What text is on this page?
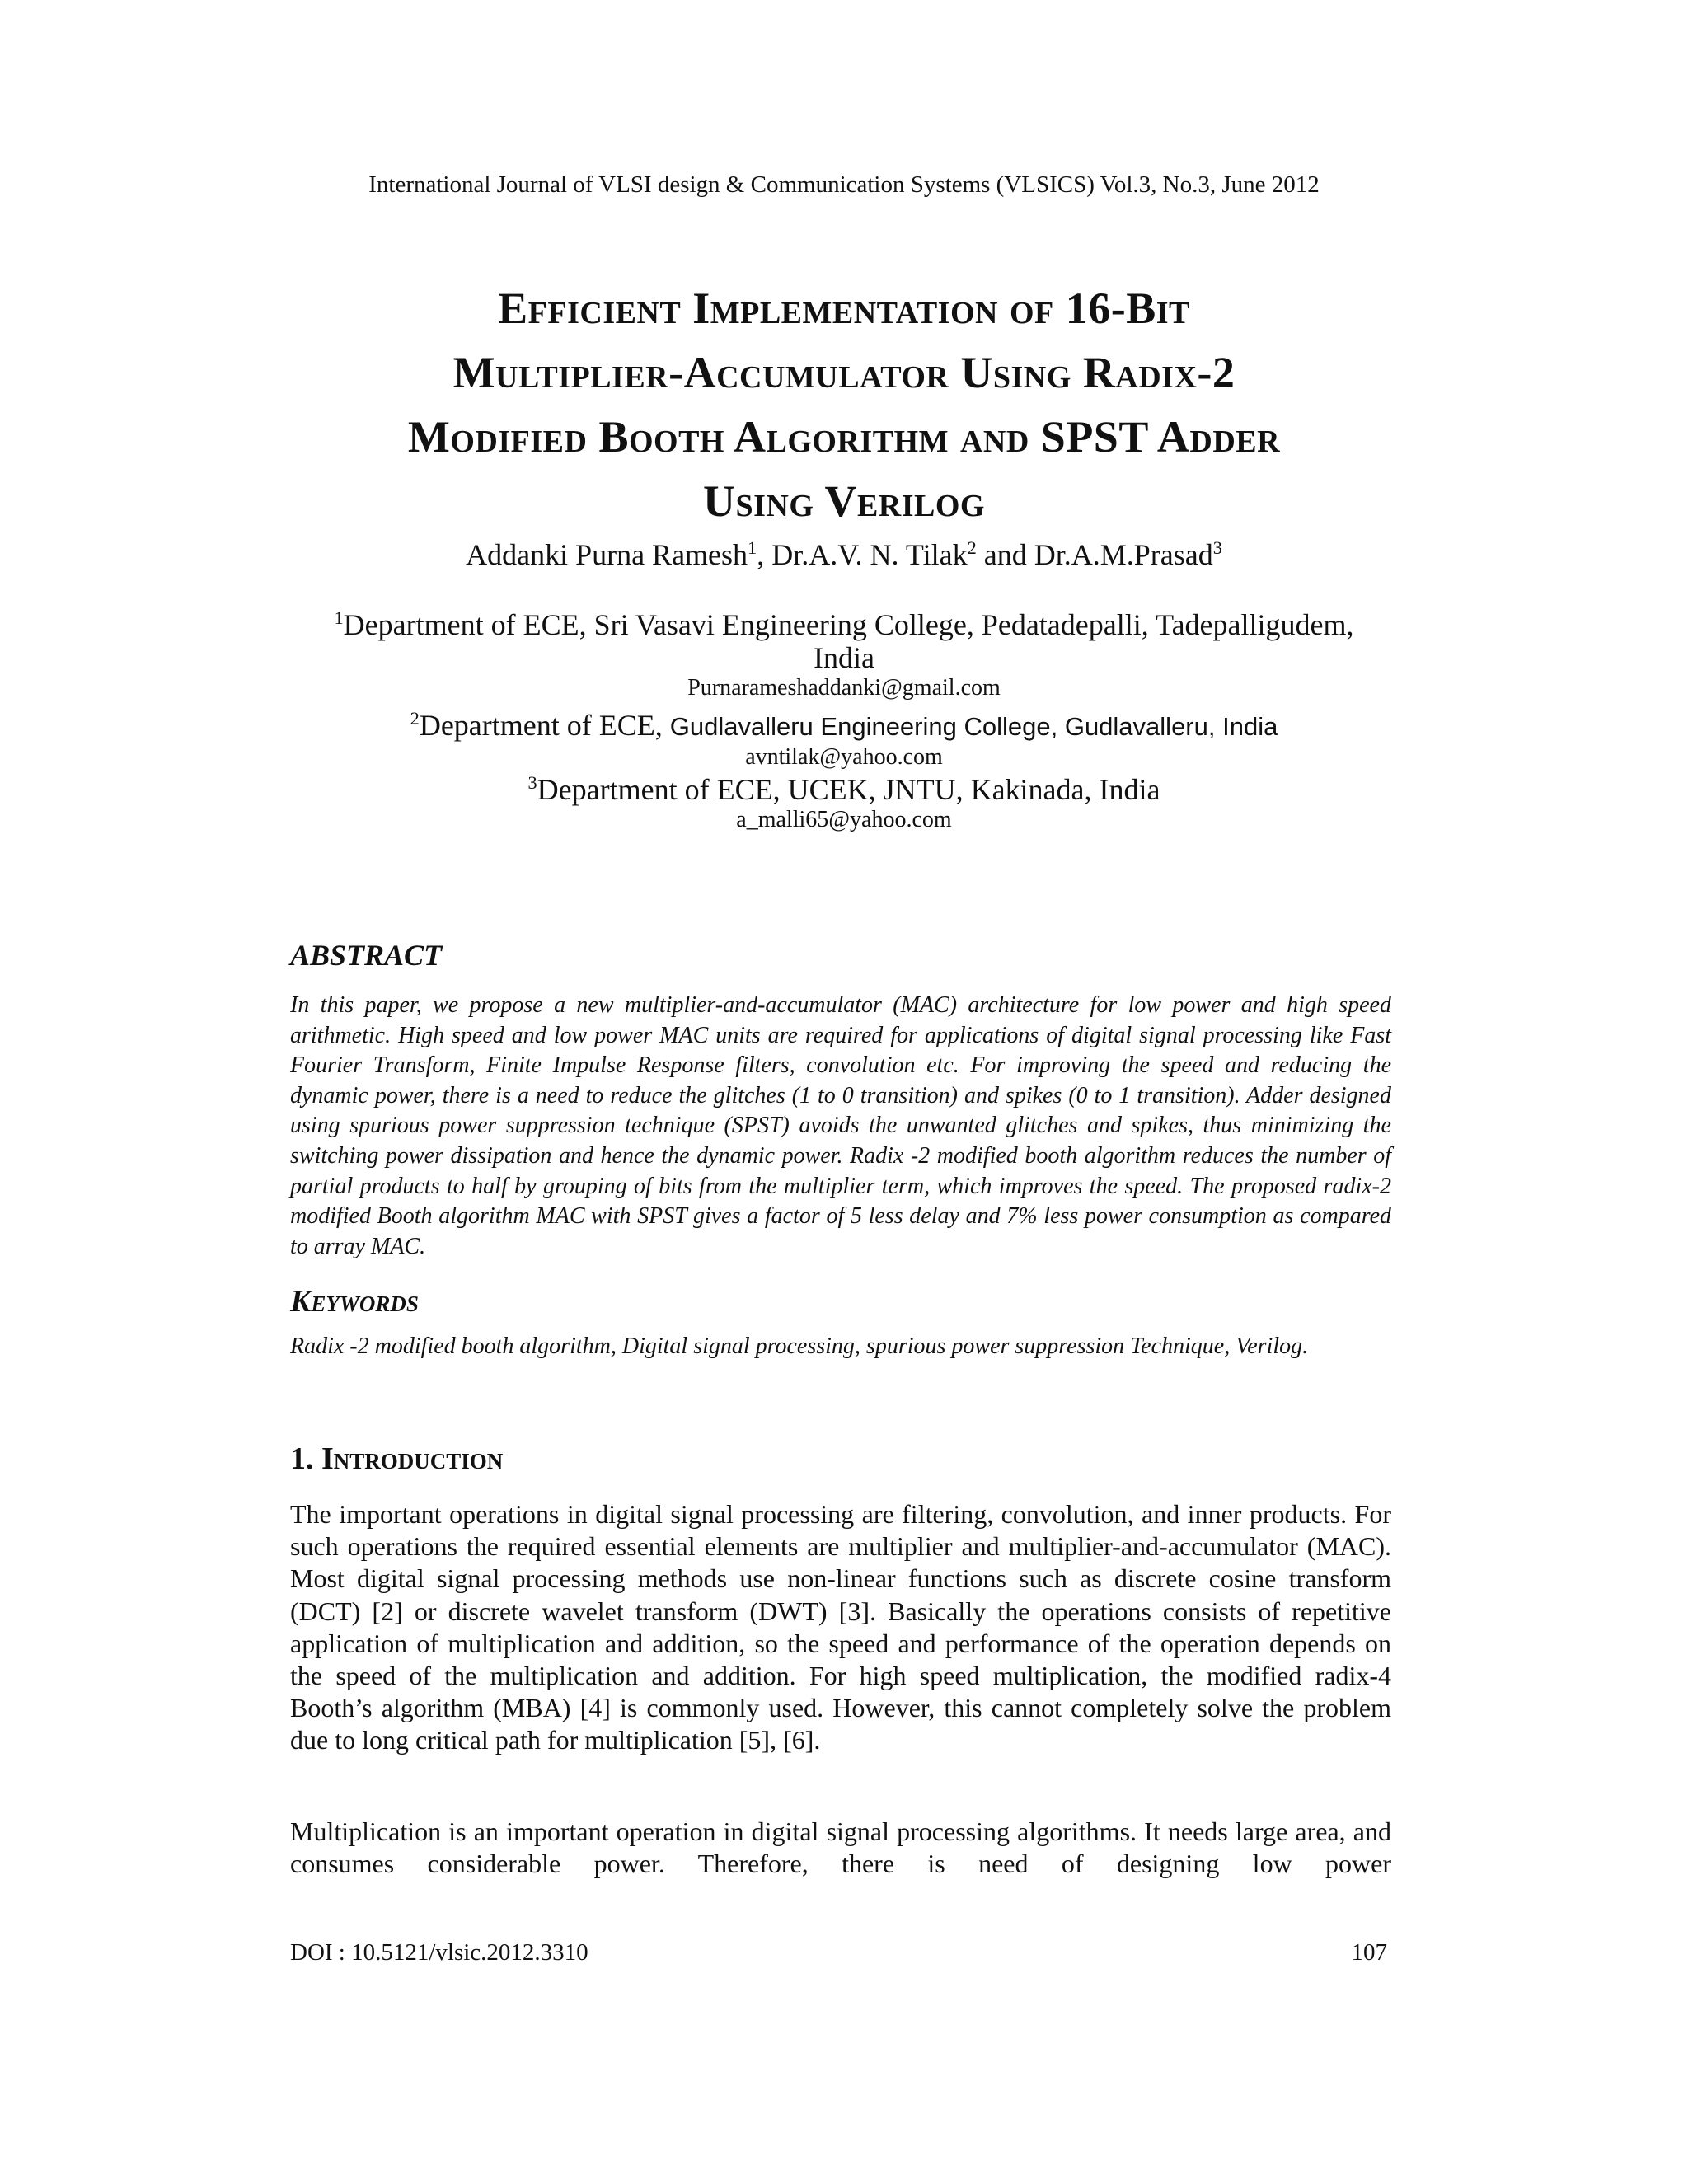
International Journal of VLSI design & Communication Systems (VLSICS) Vol.3, No.3, June 2012
Efficient Implementation of 16-Bit
Multiplier-Accumulator Using Radix-2
Modified Booth Algorithm and SPST Adder
Using Verilog
Addanki Purna Ramesh$^1$, Dr.A.V. N. Tilak$^2$ and Dr.A.M.Prasad$^3$
$^1$Department of ECE, Sri Vasavi Engineering College, Pedatadepalli, Tadepalligudem,
India
Purnarameshaddanki@gmail.com
$^2$Department of ECE, Gudlavalleru Engineering College, Gudlavalleru, India
avntilak@yahoo.com
$^3$Department of ECE, UCEK, JNTU, Kakinada, India
a_malli65@yahoo.com
ABSTRACT
In this paper, we propose a new multiplier-and-accumulator (MAC) architecture for low power and high speed arithmetic. High speed and low power MAC units are required for applications of digital signal processing like Fast Fourier Transform, Finite Impulse Response filters, convolution etc. For improving the speed and reducing the dynamic power, there is a need to reduce the glitches (1 to 0 transition) and spikes (0 to 1 transition). Adder designed using spurious power suppression technique (SPST) avoids the unwanted glitches and spikes, thus minimizing the switching power dissipation and hence the dynamic power. Radix -2 modified booth algorithm reduces the number of partial products to half by grouping of bits from the multiplier term, which improves the speed. The proposed radix-2 modified Booth algorithm MAC with SPST gives a factor of 5 less delay and 7% less power consumption as compared to array MAC.
Keywords
Radix -2 modified booth algorithm, Digital signal processing, spurious power suppression Technique, Verilog.
1. Introduction
The important operations in digital signal processing are filtering, convolution, and inner products. For such operations the required essential elements are multiplier and multiplier-and-accumulator (MAC). Most digital signal processing methods use non-linear functions such as discrete cosine transform (DCT) [2] or discrete wavelet transform (DWT) [3]. Basically the operations consists of repetitive application of multiplication and addition, so the speed and performance of the operation depends on the speed of the multiplication and addition. For high speed multiplication, the modified radix-4 Booth’s algorithm (MBA) [4] is commonly used. However, this cannot completely solve the problem due to long critical path for multiplication [5], [6].
Multiplication is an important operation in digital signal processing algorithms. It needs large area, and consumes considerable power. Therefore, there is need of designing low power
DOI : 10.5121/vlsic.2012.3310	107
